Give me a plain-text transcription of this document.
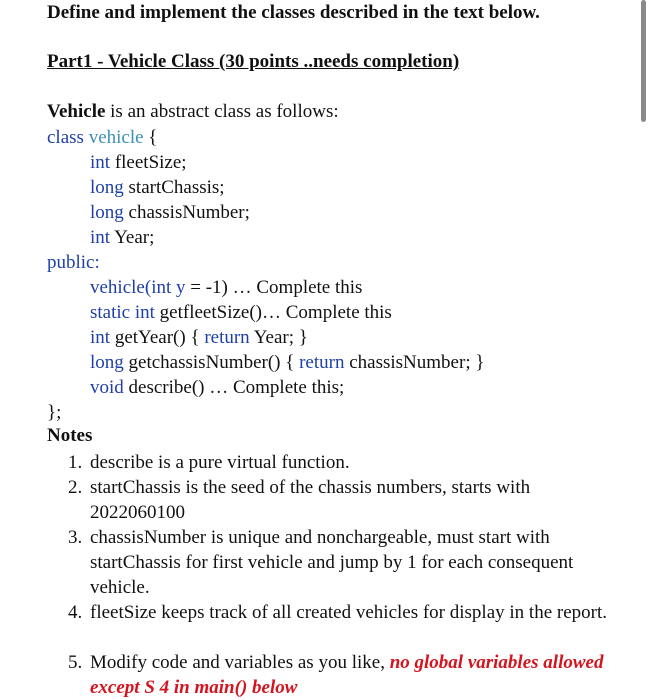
Define and implement the classes described in the text below.
Part1 - Vehicle Class (30 points ..needs completion)
Vehicle is an abstract class as follows:
class vehicle {
int fleetSize;
long startChassis;
long chassisNumber;
int Year;
public:
vehicle(int y = -1) … Complete this
static int getfleetSize()… Complete this
int getYear() { return Year; }
long getchassisNumber() { return chassisNumber; }
void describe() … Complete this;
};
Notes
1. describe is a pure virtual function.
2. startChassis is the seed of the chassis numbers, starts with 2022060100
3. chassisNumber is unique and nonchargeable, must start with startChassis for first vehicle and jump by 1 for each consequent vehicle.
4. fleetSize keeps track of all created vehicles for display in the report.
5. Modify code and variables as you like, no global variables allowed except S 4 in main() below
